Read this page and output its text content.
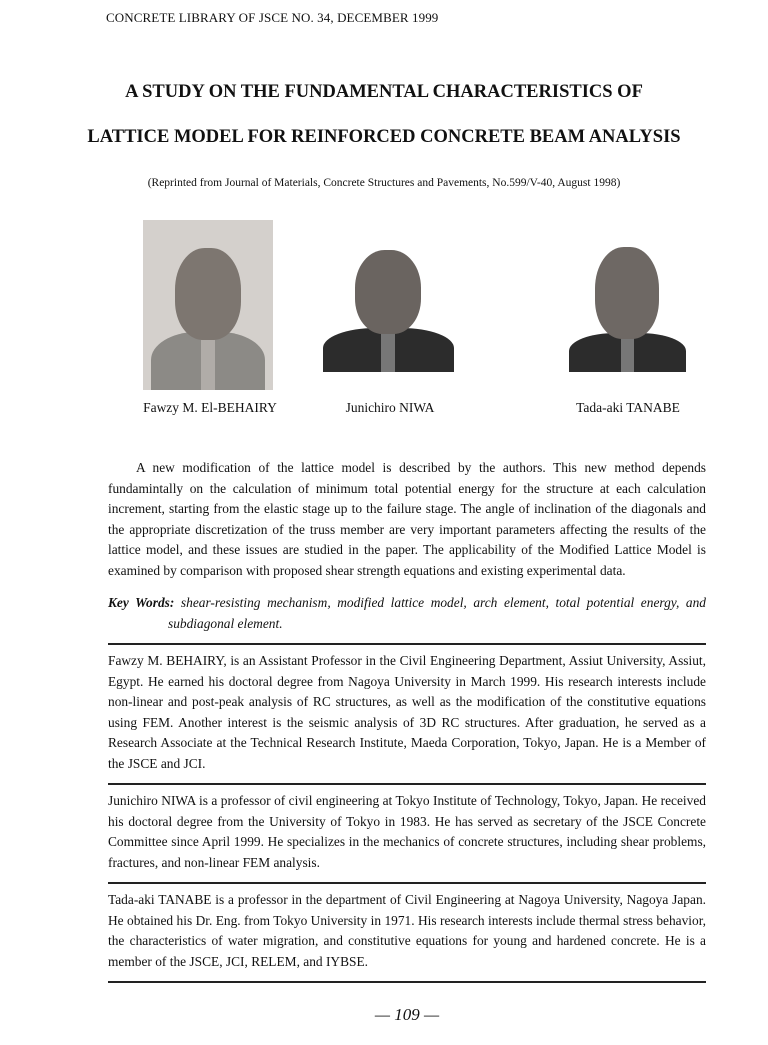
CONCRETE LIBRARY OF JSCE NO. 34, DECEMBER 1999
A STUDY ON THE FUNDAMENTAL CHARACTERISTICS OF
LATTICE MODEL FOR REINFORCED CONCRETE BEAM ANALYSIS
(Reprinted from Journal of Materials, Concrete Structures and Pavements, No.599/V-40, August 1998)
Fawzy M. El-BEHAIRY	Junichiro NIWA	Tada-aki TANABE

A new modification of the lattice model is described by the authors. This new method depends fundamintally on the calculation of minimum total potential energy for the structure at each calculation increment, starting from the elastic stage up to the failure stage. The angle of inclination of the diagonals and the appropriate discretization of the truss member are very important parameters affecting the results of the lattice model, and these issues are studied in the paper. The applicability of the Modified Lattice Model is examined by comparison with proposed shear strength equations and existing experimental data.

Key Words: shear-resisting mechanism, modified lattice model, arch element, total potential energy, and subdiagonal element.

Fawzy M. BEHAIRY, is an Assistant Professor in the Civil Engineering Department, Assiut University, Assiut, Egypt. He earned his doctoral degree from Nagoya University in March 1999. His research interests include non-linear and post-peak analysis of RC structures, as well as the modification of the constitutive equations using FEM. Another interest is the seismic analysis of 3D RC structures. After graduation, he served as a Research Associate at the Technical Research Institute, Maeda Corporation, Tokyo, Japan. He is a Member of the JSCE and JCI.

Junichiro NIWA is a professor of civil engineering at Tokyo Institute of Technology, Tokyo, Japan. He received his doctoral degree from the University of Tokyo in 1983. He has served as secretary of the JSCE Concrete Committee since April 1999. He specializes in the mechanics of concrete structures, including shear problems, fractures, and non-linear FEM analysis.

Tada-aki TANABE is a professor in the department of Civil Engineering at Nagoya University, Nagoya Japan. He obtained his Dr. Eng. from Tokyo University in 1971. His research interests include thermal stress behavior, the characteristics of water migration, and constitutive equations for young and hardened concrete. He is a member of the JSCE, JCI, RELEM, and IYBSE.

— 109 —
